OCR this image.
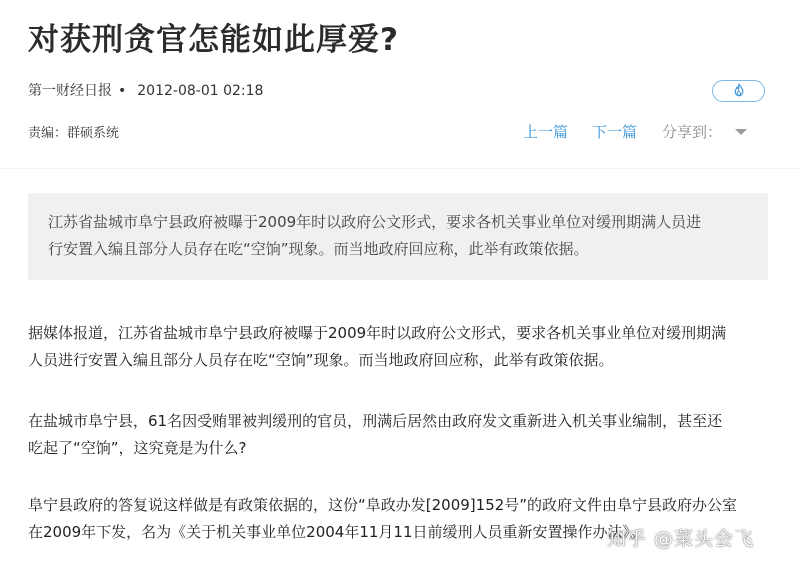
对获刑贪官怎能如此厚爱?
第一财经日报 • 2012-08-01 02:18
责编：群硕系统	上一篇 下一篇 分享到：

江苏省盐城市阜宁县政府被曝于2009年时以政府公文形式，要求各机关事业单位对缓刑期满人员进

行安置入编且部分人员存在吃“空饷”现象。而当地政府回应称，此举有政策依据。

据媒体报道，江苏省盐城市阜宁县政府被曝于2009年时以政府公文形式，要求各机关事业单位对缓刑期满

人员进行安置入编且部分人员存在吃“空饷”现象。而当地政府回应称，此举有政策依据。

在盐城市阜宁县，61名因受贿罪被判缓刑的官员，刑满后居然由政府发文重新进入机关事业编制，甚至还

吃起了“空饷”，这究竟是为什么?

阜宁县政府的答复说这样做是有政策依据的，这份“阜政办发[2009]152号”的政府文件由阜宁县政府办公室

在2009年下发，名为《关于机关事业单位2004年11月11日前缓刑人员重新安置操作办法》。

知乎 @菜头会飞
